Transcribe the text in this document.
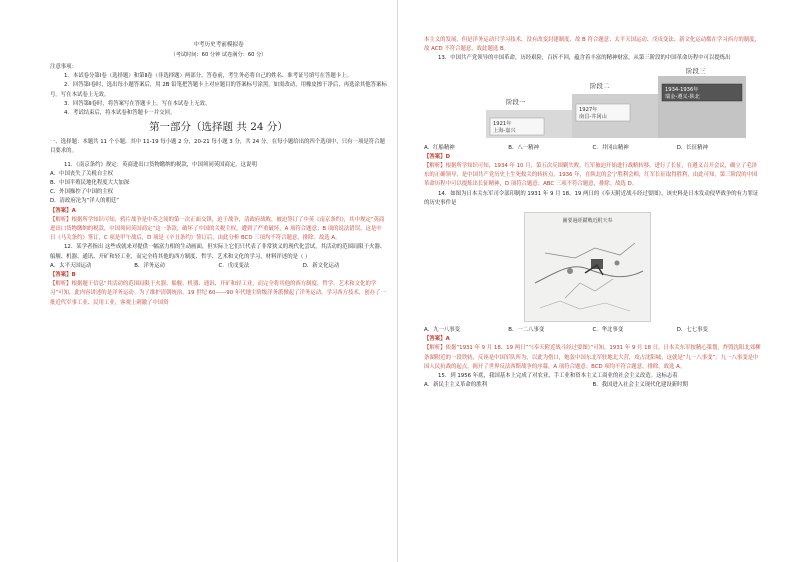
中考历史考前模拟卷
（考试时间：60 分钟 试卷满分：60 分）

注意事项：

1．本试卷分第Ⅰ卷（选择题）和第Ⅱ卷（非选择题）两部分。答卷前，考生务必将自己的姓名、准考证号填写在答题卡上。

2．回答第Ⅰ卷时，选出每小题答案后，用 2B 铅笔把答题卡上对应题目的答案标号涂黑。如需改动，用橡皮擦干净后，再选涂其他答案标号。写在本试卷上无效。

3．回答第Ⅱ卷时，将答案写在答题卡上。写在本试卷上无效。

4．考试结束后，将本试卷和答题卡一并交回。

第一部分（选择题 共 24 分）

一、选择题：本题共 11 个小题，其中 11-19 每小题 2 分，20-21 每小题 3 分，共 24 分。在每小题给出的四个选项中，只有一项是符合题目要求的。

11．《南京条约》规定：英商进出口货物缴纳的税款，中国须同英国商定。这说明

A．中国丧失了关税自主权

B．中国半殖民地化程度大大加深

C．外国操控了中国的主权

D．清政府沦为“洋人的朝廷”

【答案】A

【解析】根据所学知识可知，鸦片战争是中英之间的第一次正面交锋，迫于战争，清政府战败，被迫签订了中英《南京条约》，其中规定“英商进出口货物缴纳的税款，中国须同英国商定”这一条款，破坏了中国的关税主权，遭到了严重破坏，A 项符合题意；B 项的说法错误，这是中日《马关条约》签订，C 项是甲午战后，D 项是《辛丑条约》签订后，由此分析 BCD 三项均不符合题意，排除。故选 A。

12．某学者指出 这些成就来对提供一幅富力相的生动画面，但实际上它们只代表了非常狭义的现代化尝试，其活动的范围局限于火器、船舰、机器、通讯、开矿和轻工业，而完全将其他的西方制度、哲学、艺术和文化的学习，材料评述的是（ ）

A．太平天国运动	B．洋务运动	C．戊戌变法	D．新文化运动

【答案】B

【解析】根据题干信息“其活动的范围局限于火器、船舰、机器、通讯、开矿和轻工业，而完全将其他的西方制度、哲学、艺术和文化的学习”可知，此内容讲述的是洋务运动。为了维护清朝统治，19 世纪 60——90 年代地主阶级洋务派掀起了洋务运动，学习西方技术，创办了一批近代军事工业、民用工业，客观上刺激了中国资

本主义的发展，但是洋务运动只学习技术，没有改变封建制度，故 B 符合题意；太平天国运动、戊戌变法、新文化运动都在学习西方的制度，故 ACD 不符合题意，故此题选 B。

13．中国共产党领导的中国革命，历经艰险，百折不回，蕴含着丰富的精神财富。从第三阶段的中国革命历程中可以提炼出

阶段一
阶段二
阶段三
1921年
上海-嘉兴
1927年
南昌-井冈山
1934-1936年
瑞金-遵义-陕北
A．红船精神	B．八一精神	C．井冈山精神	D．长征精神

【答案】D

【解析】根据所学知识可知，1934 年 10 月，第五次反围剿失败，红军被迫开始进行战略转移，进行了长征，在遵义召开会议，确立了毛泽东的正确领导，是中国共产党历史上生死攸关的转折点，1936 年，在陕北的会宁胜利会师，红军长征取得胜利，由此可知，第三阶段的中国革命历程中可以提炼出长征精神，D 项符合题意；ABC 三项不符合题意，排除。故选 D。

14．如图为日本关东军司令部印制的 1931 年 9 月 18、19 两日的《奉天附近战斗经过要图》。该史料是日本发动侵华战争的有力罪证的历史事件是

圖要過經鬪戰近附天奉
A．九一八事变	B．一二八事变	C．华北事变	D．七七事变

【答案】A

【解析】依据“1931 年 9 月 18、19 两日”“《奉天附近战斗经过要图》”可知，1931 年 9 月 18 日，日本关东军按精心策划，炸毁沈阳北郊柳条湖附近的一段铁轨，反诬是中国军队所为，以此为借口，炮轰中国东北军驻地北大营，攻占沈阳城，这就是“九一八事变”。九一八事变是中国人民抗战的起点，揭开了世界反法西斯战争的序幕，A 项符合题意；BCD 项均不符合题意，排除。故选 A。

15．到 1956 年底，我国基本上完成了对农业、手工业和资本主义工商业的社会主义改造。这标志着

A．新民主主义革命的胜利	B．我国进入社会主义现代化建设新时期
